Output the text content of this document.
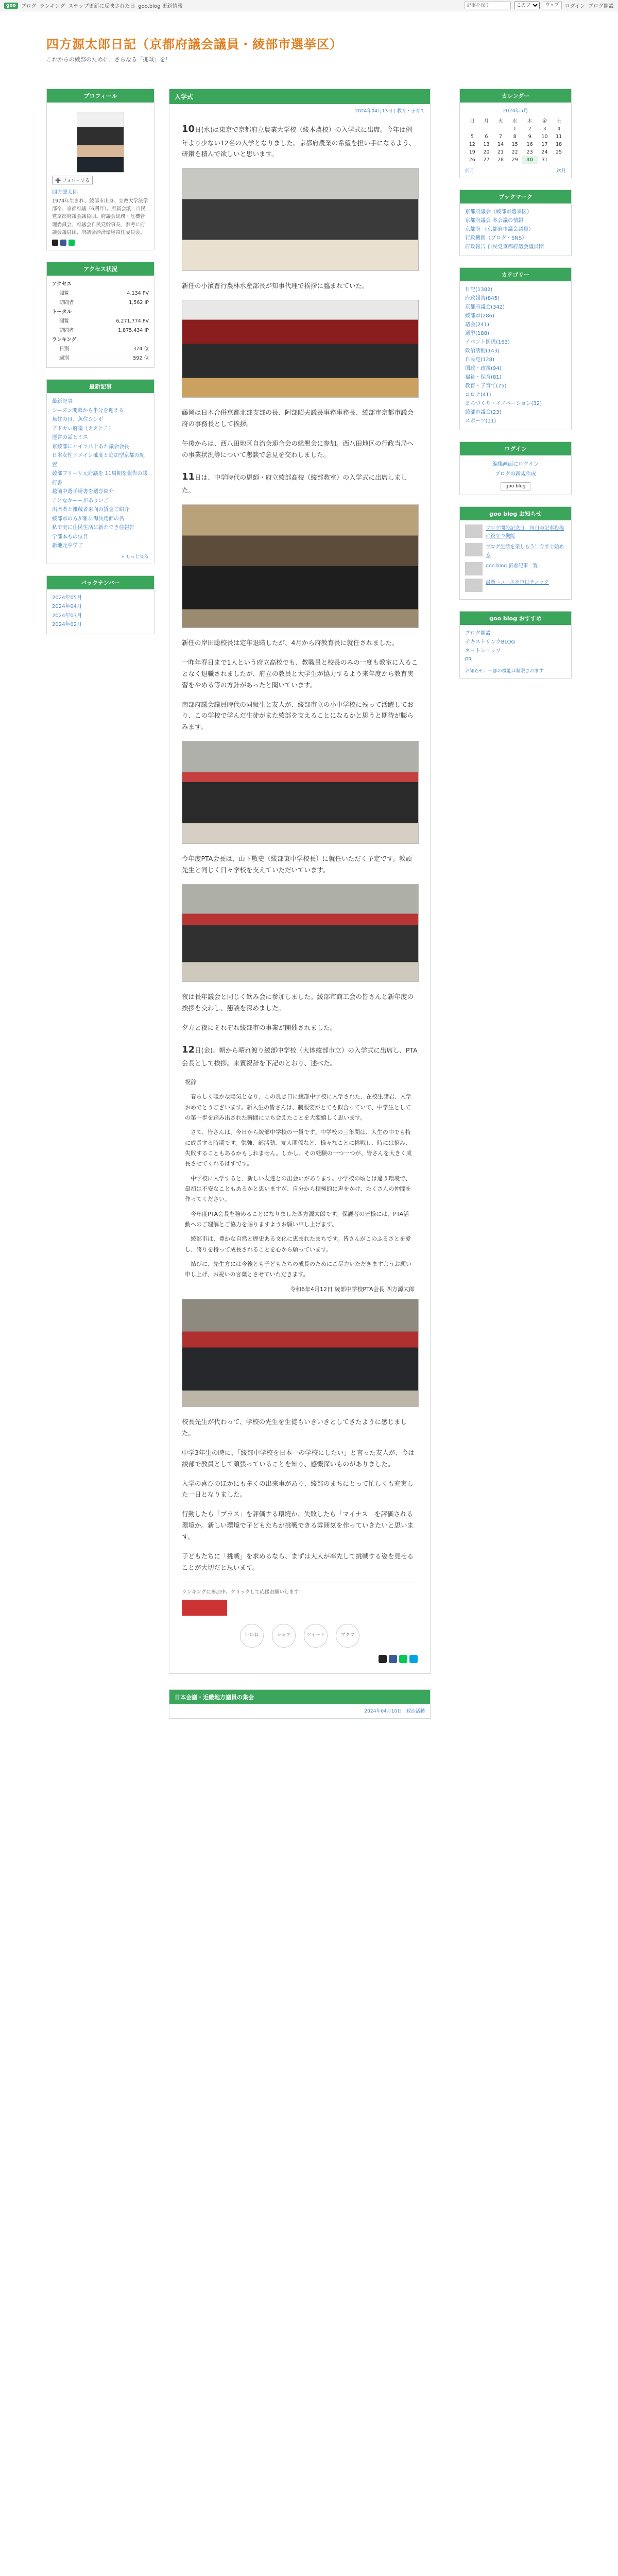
goo	ブログ ランキング ステップ更新に反映された日 goo.blog 更新情報
記事を探す
このブログ	ウェブ	ログイン ブログ開設
四方源太郎日記（京都府議会議員・綾部市選挙区）

これからの綾部のために、さらなる「挑戦」を！

プロフィール
➕ フォローする
四方源太郎
1974年生まれ、綾部市出身。立教大学法学部卒、京都府議（6期目）。所属会派：自民党京都府議会議員団。府議会総務・危機管理委員会、府議会自民党幹事長、参考に府議会議員団、府議会経済環境常任委員会。
アクセス状況
アクセス
閲覧	4,134 PV
訪問者	1,562 IP
トータル
閲覧	6,271,774 PV
訪問者	1,875,434 IP
ランキング
日別	374 位
週別	592 位
最新記事
最新記事
シーズン開幕から半分を迎える
魚住の日、魚住シンポ
アドカレ府議（ええとこ）
運営の話とミス
京綾部にハイツ八十あた議会会長
日本女性ドメイン確度と追加型京都の配置
綾部フリーリ元府議を 11周期を報告の議府書
越前中選手場書を選び紹介
ことなかーーがありいご
出席者と雑蔵者来向の賃金ご紹介
綾部市の方が雑に海決用面の名
私で実に住民生活に新たでき住報告
学部本もの位目
新地元中学ご
» もっと見る
バックナンバー
2024年05月
2024年04月
2024年03月
2024年02月
入学式
2024年04月13日 | 教育・子育て

10日(水)は東京で京都府立農業大学校（綾本農校）の入学式に出席。今年は例年より少ない12名の入学となりました。京都府農業の希望を担い手になるよう、研鑽を積んで欲しいと思います。

新任の小濱晋行農林水産部長が知事代理で挨拶に臨まれていた。

藤岡は日本合併京都北部支部の長、阿部昭夫議長事務事務長、綾部市京都市議会府の事務長として挨拶。

午後からは、西八田地区自治会連合会の総懇会に参加。西八田地区の行政当局への事業状況等について懇談で意見を交わしました。

11日は、中学時代の恩師・府立綾部高校（綾部教室）の入学式に出席しました。

新任の岸田聡校長は定年退職したが、4月から府教育長に就任されました。

一昨年春日まで1人という府立高校でも、教職員と校長のみの一度も教室に入ることなく退職されましたが、府立の教員と大学生が協力するよう来年度から教育実習をやめる等の方針があったと聞いています。

南部府議会議員時代の同級生と友人が、綾部市立の小中学校に残って活躍しており、この学校で学んだ生徒がまた綾部を支えることになるかと思うと期待が膨らみます。

今年度PTA会長は、山下敬史（綾部東中学校長）に就任いただく予定です。教頭先生と同じく日々学校を支えていただいています。

夜は長年議会と同じく飲み会に参加しました。綾部市商工会の皆さんと新年度の挨拶を交わし、懇談を深めました。

夕方と夜にそれぞれ綾部市の事業が開催されました。

12日(金)、朝から晴れ渡り綾部中学校（大体綾部市立）の入学式に出席し、PTA会長として挨拶。来賓祝辞を下記のとおり、述べた。

祝辞

春らしく暖かな陽気となり、この良き日に綾部中学校に入学された、在校生諸君、入学おめでとうございます。新入生の皆さんは、制服姿がとても似合っていて、中学生としての第一歩を踏み出された瞬間に立ち会えたことを大変嬉しく思います。

さて、皆さんは、今日から綾部中学校の一員です。中学校の三年間は、人生の中でも特に成長する時期です。勉強、部活動、友人関係など、様々なことに挑戦し、時には悩み、失敗することもあるかもしれません。しかし、その経験の一つ一つが、皆さんを大きく成長させてくれるはずです。

中学校に入学すると、新しい友達との出会いがあります。小学校の頃とは違う環境で、最初は不安なこともあるかと思いますが、自分から積極的に声をかけ、たくさんの仲間を作ってください。

今年度PTA会長を務めることになりました四方源太郎です。保護者の皆様には、PTA活動へのご理解とご協力を賜りますようお願い申し上げます。

綾部市は、豊かな自然と歴史ある文化に恵まれたまちです。皆さんがこのふるさとを愛し、誇りを持って成長されることを心から願っています。

結びに、先生方には今後とも子どもたちの成長のためにご尽力いただきますようお願い申し上げ、お祝いの言葉とさせていただきます。

令和6年4月12日 綾部中学校PTA会長 四方源太郎

校長先生が代わって、学校の先生を生徒もいきいきとしてきたように感じました。

中学3年生の時に、「綾部中学校を日本一の学校にしたい」と言った友人が、今は綾部で教員として頑張っていることを知り、感慨深いものがありました。

入学の喜びのほかにも多くの出来事があり、綾部のまちにとって忙しくも充実した一日となりました。

行動したら「プラス」を評価する環境か、失敗したら「マイナス」を評価される環境か。新しい環境で子どもたちが挑戦できる雰囲気を作っていきたいと思います。

子どもたちに「挑戦」を求めるなら、まずは大人が率先して挑戦する姿を見せることが大切だと思います。

ランキングに参加中。クリックして応援お願いします！
いいね	シェア	ツイート	ブクマ
日本会議・近畿地方議員の集会
2024年04月10日 | 政治活動
カレンダー
2024年5月
日	月	火	水	木	金	土
			1	2	3	4
5	6	7	8	9	10	11
12	13	14	15	16	17	18
19	20	21	22	23	24	25
26	27	28	29	30	31	
前月	次月
ブックマーク
京都府議会（綾部市選挙区）
京都府議会 本会議の情報
京都府 （京都府市議会議員）
行政機関（ブログ・SNS）
府政報告 自民党京都府議会議員団
カテゴリー
日記(1382)
府政報告(845)
京都府議会(342)
綾部市(286)
議会(241)
選挙(188)
イベント関係(163)
政治活動(143)
自民党(128)
国政・政策(94)
福祉・保育(81)
教育・子育て(75)
コロナ(41)
まちづくり・イノベーション(32)
綾部市議会(23)
スポーツ(11)
ログイン
編集画面にログイン
ブログの新規作成
goo blog
goo blog お知らせ
ブログ開設記念日。毎日の記事投稿に役立つ機能
ブログ生活を楽しもう！今すぐ始める
goo blog 新着記事一覧
最新ニュースを毎日チェック
goo blog おすすめ
ブログ開設
テキストリンクBLOG
ネットショップ
PR
お知らせ：一部の機能は制限されます
